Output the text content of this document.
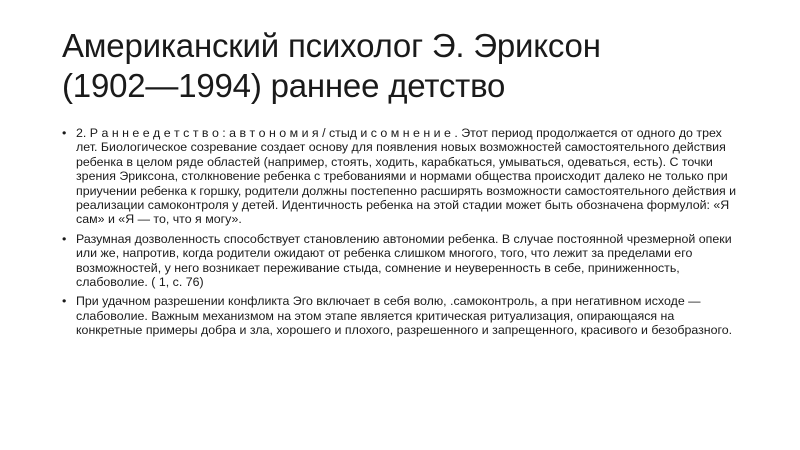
Американский психолог Э. Эриксон
(1902—1994) раннее детство
• 2. Р а н н е е д е т с т в о : а в т о н о м и я / стыд и с о м н е н и е . Этот период продолжается от одного до трех лет. Биологическое созревание создает основу для появления новых возможностей самостоятельного действия ребенка в целом ряде областей (например, стоять, ходить, карабкаться, умываться, одеваться, есть). С точки зрения Эриксона, столкновение ребенка с требованиями и нормами общества происходит далеко не только при приучении ребенка к горшку, родители должны постепенно расширять возможности самостоятельного действия и реализации самоконтроля у детей. Идентичность ребенка на этой стадии может быть обозначена формулой: «Я сам» и «Я — то, что я могу».
• Разумная дозволенность способствует становлению автономии ребенка. В случае постоянной чрезмерной опеки или же, напротив, когда родители ожидают от ребенка слишком многого, того, что лежит за пределами его возможностей, у него возникает переживание стыда, сомнение и неуверенность в себе, приниженность, слабоволие. ( 1, с. 76)
• При удачном разрешении конфликта Эго включает в себя волю, .самоконтроль, а при негативном исходе — слабоволие. Важным механизмом на этом этапе является критическая ритуализация, опирающаяся на конкретные примеры добра и зла, хорошего и плохого, разрешенного и запрещенного, красивого и безобразного.
